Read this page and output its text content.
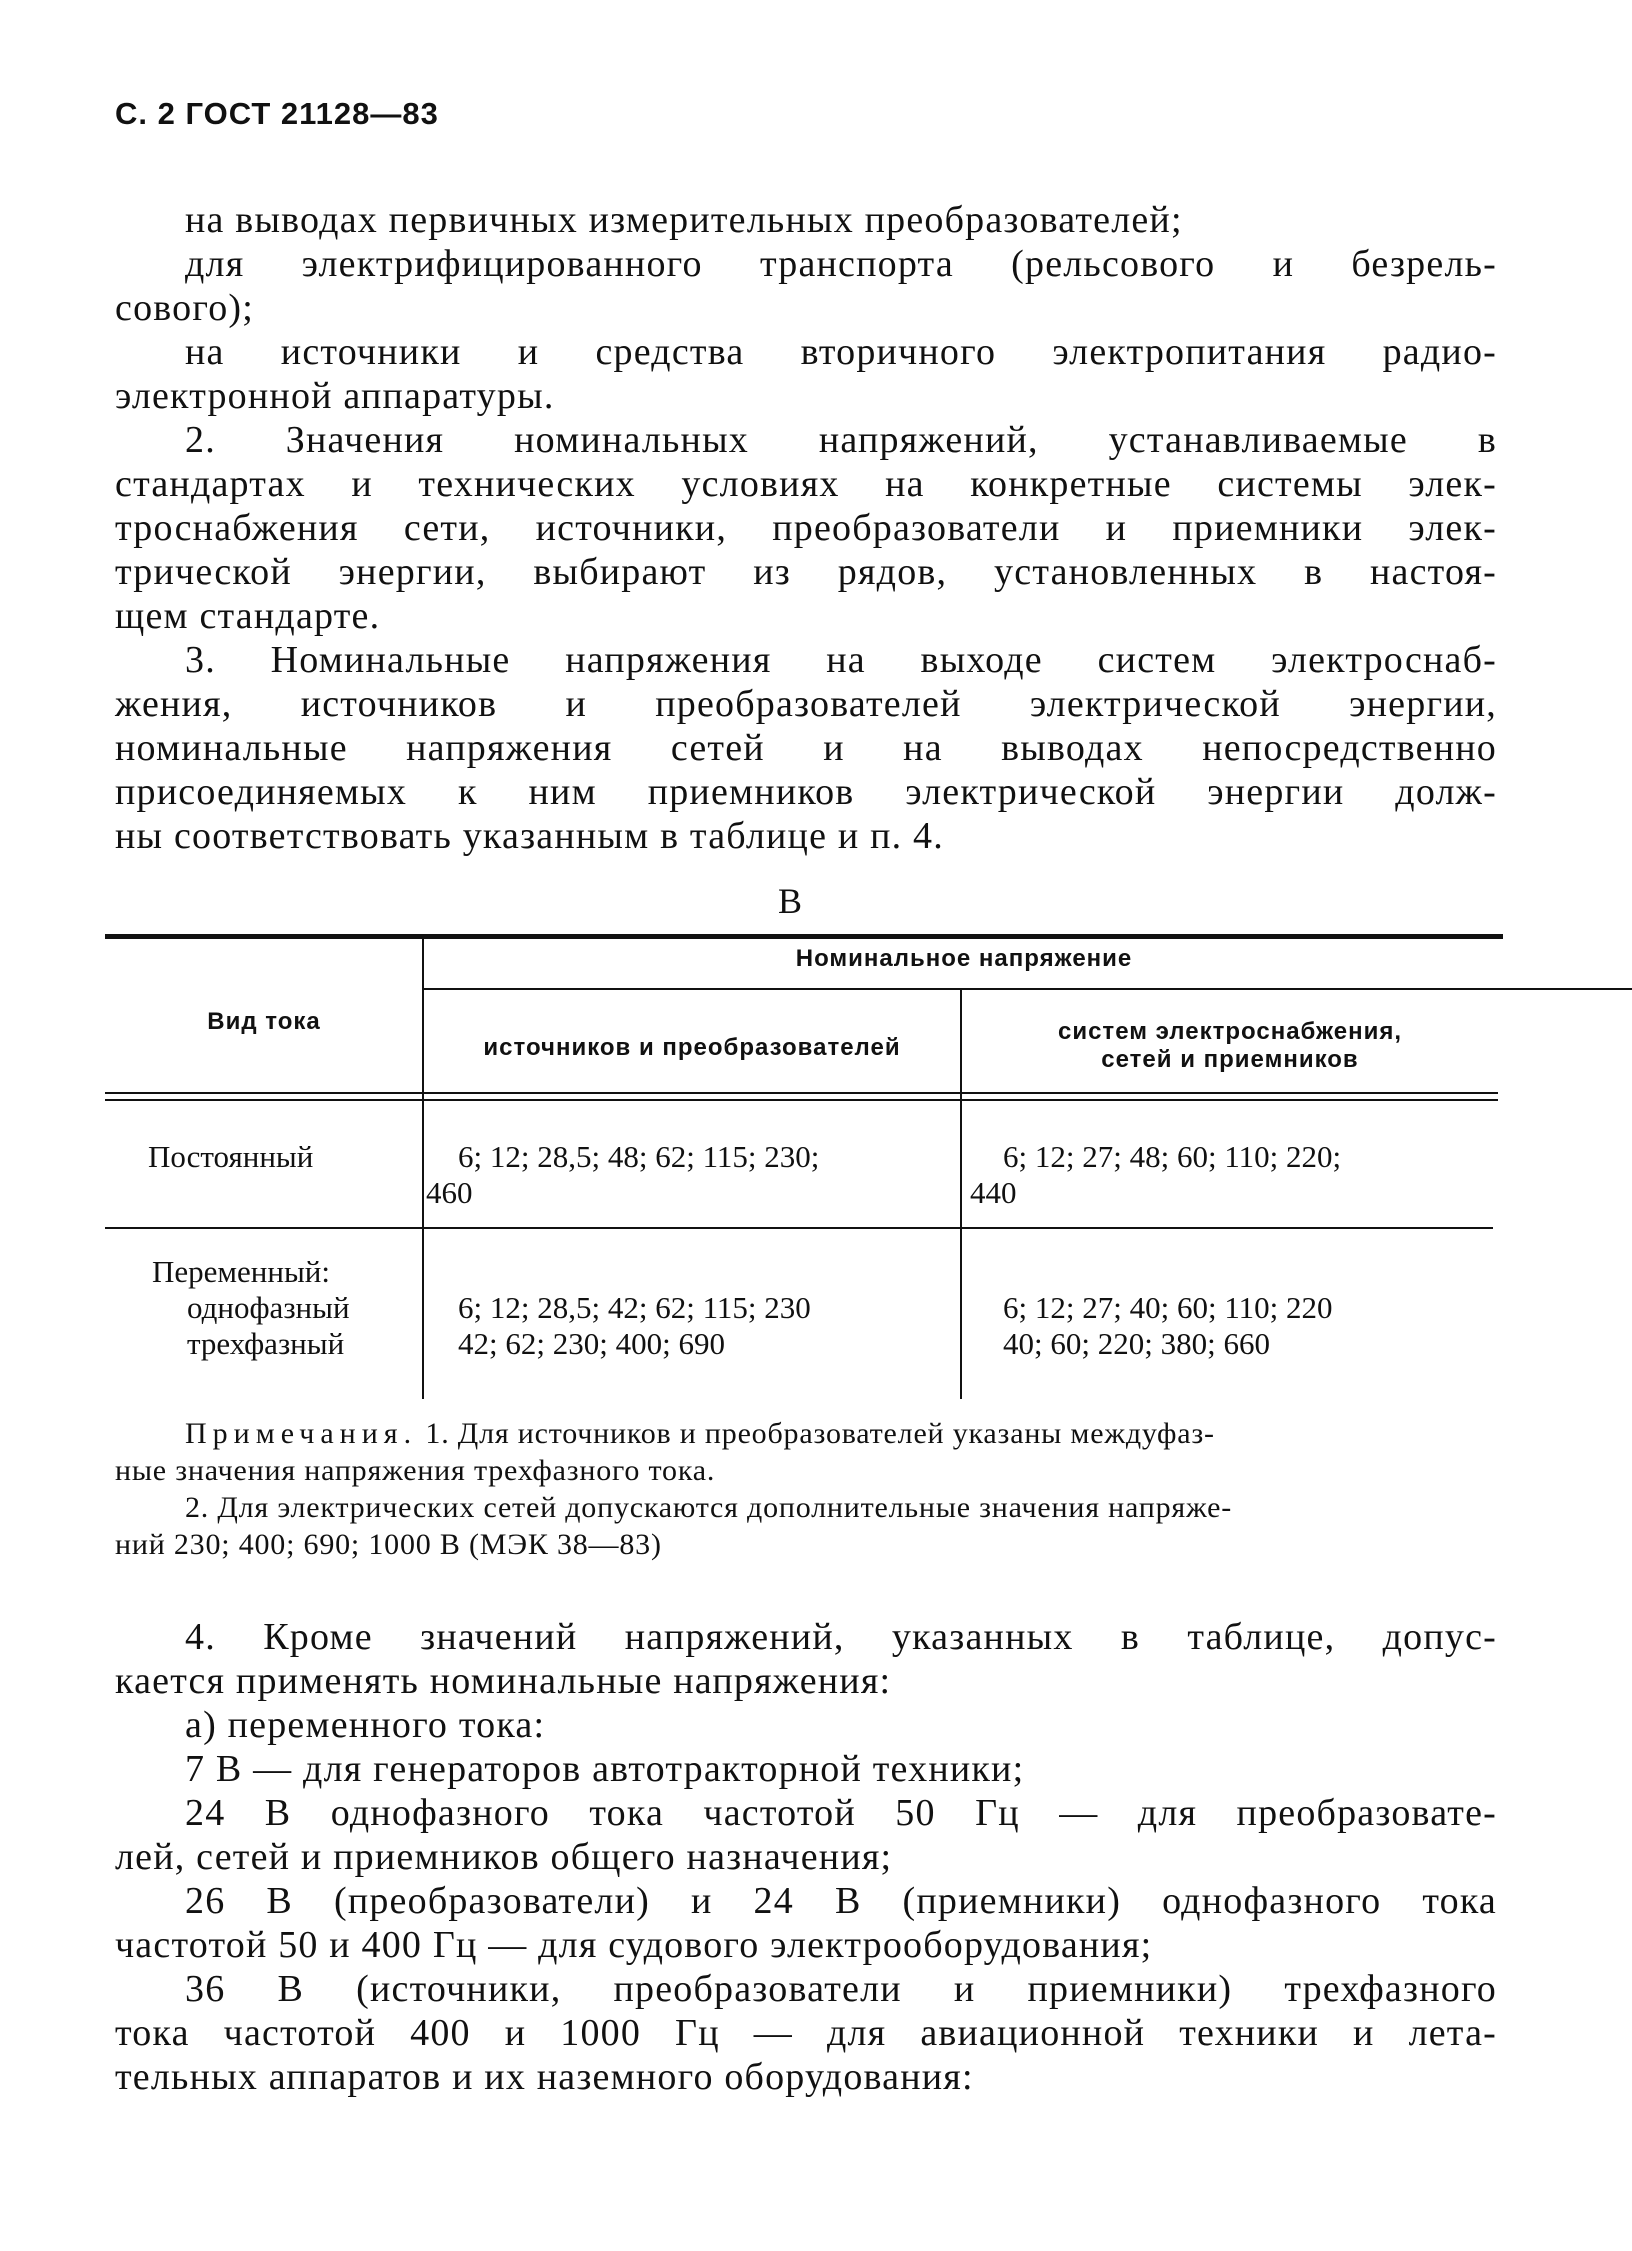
С. 2 ГОСТ 21128—83
на выводах первичных измерительных преобразователей;
для электрифицированного транспорта (рельсового и безрель-
сового);
на источники и средства вторичного электропитания радио-
электронной аппаратуры.
2. Значения номинальных напряжений, устанавливаемые в
стандартах и технических условиях на конкретные системы элек-
троснабжения сети, источники, преобразователи и приемники элек-
трической энергии, выбирают из рядов, установленных в настоя-
щем стандарте.
3. Номинальные напряжения на выходе систем электроснаб-
жения, источников и преобразователей электрической энергии,
номинальные напряжения сетей и на выводах непосредственно
присоединяемых к ним приемников электрической энергии долж-
ны соответствовать указанным в таблице и п. 4.
В
Вид тока
Номинальное напряжение
источников и преобразователей
систем электроснабжения,
сетей и приемников
Постоянный	6; 12; 28,5; 48; 62; 115; 230;
460
6; 12; 27; 48; 60; 110; 220;
440
Переменный:
однофазный
трехфазный
6; 12; 28,5; 42; 62; 115; 230
42; 62; 230; 400; 690
6; 12; 27; 40; 60; 110; 220
40; 60; 220; 380; 660
Примечания. 1. Для источников и преобразователей указаны междуфаз-
ные значения напряжения трехфазного тока.
2. Для электрических сетей допускаются дополнительные значения напряже-
ний 230; 400; 690; 1000 В (МЭК 38—83)
4. Кроме значений напряжений, указанных в таблице, допус-
кается применять номинальные напряжения:
а) переменного тока:
7 В — для генераторов автотракторной техники;
24 В однофазного тока частотой 50 Гц — для преобразовате-
лей, сетей и приемников общего назначения;
26 В (преобразователи) и 24 В (приемники) однофазного тока
частотой 50 и 400 Гц — для судового электрооборудования;
36 В (источники, преобразователи и приемники) трехфазного
тока частотой 400 и 1000 Гц — для авиационной техники и лета-
тельных аппаратов и их наземного оборудования:
